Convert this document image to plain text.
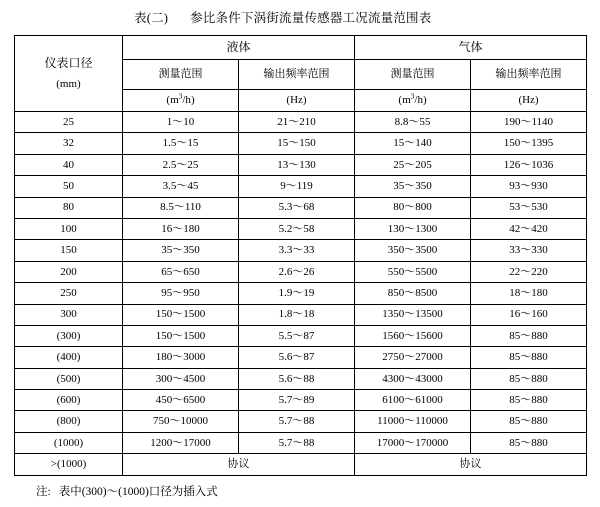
表(二) 参比条件下涡街流量传感器工况流量范围表
仪表口径
(mm)	液体		气体	
	测量范围	输出频率范围	测量范围	输出频率范围
	$(m^3/h)$	(Hz)	$(m^3/h)$	(Hz)
25	1～10	21～210	8.8～55	190～1140
32	1.5～15	15～150	15～140	150～1395
40	2.5～25	13～130	25～205	126～1036
50	3.5～45	9～119	35～350	93～930
80	8.5～110	5.3～68	80～800	53～530
100	16～180	5.2～58	130～1300	42～420
150	35～350	3.3～33	350～3500	33～330
200	65～650	2.6～26	550～5500	22～220
250	95～950	1.9～19	850～8500	18～180
300	150～1500	1.8～18	1350～13500	16～160
(300)	150～1500	5.5～87	1560～15600	85～880
(400)	180～3000	5.6～87	2750～27000	85～880
(500)	300～4500	5.6～88	4300～43000	85～880
(600)	450～6500	5.7～89	6100～61000	85～880
(800)	750～10000	5.7～88	11000～110000	85～880
(1000)	1200～17000	5.7～88	17000～170000	85～880
>(1000)	协议		协议	
注: 表中(300)～(1000)口径为插入式
